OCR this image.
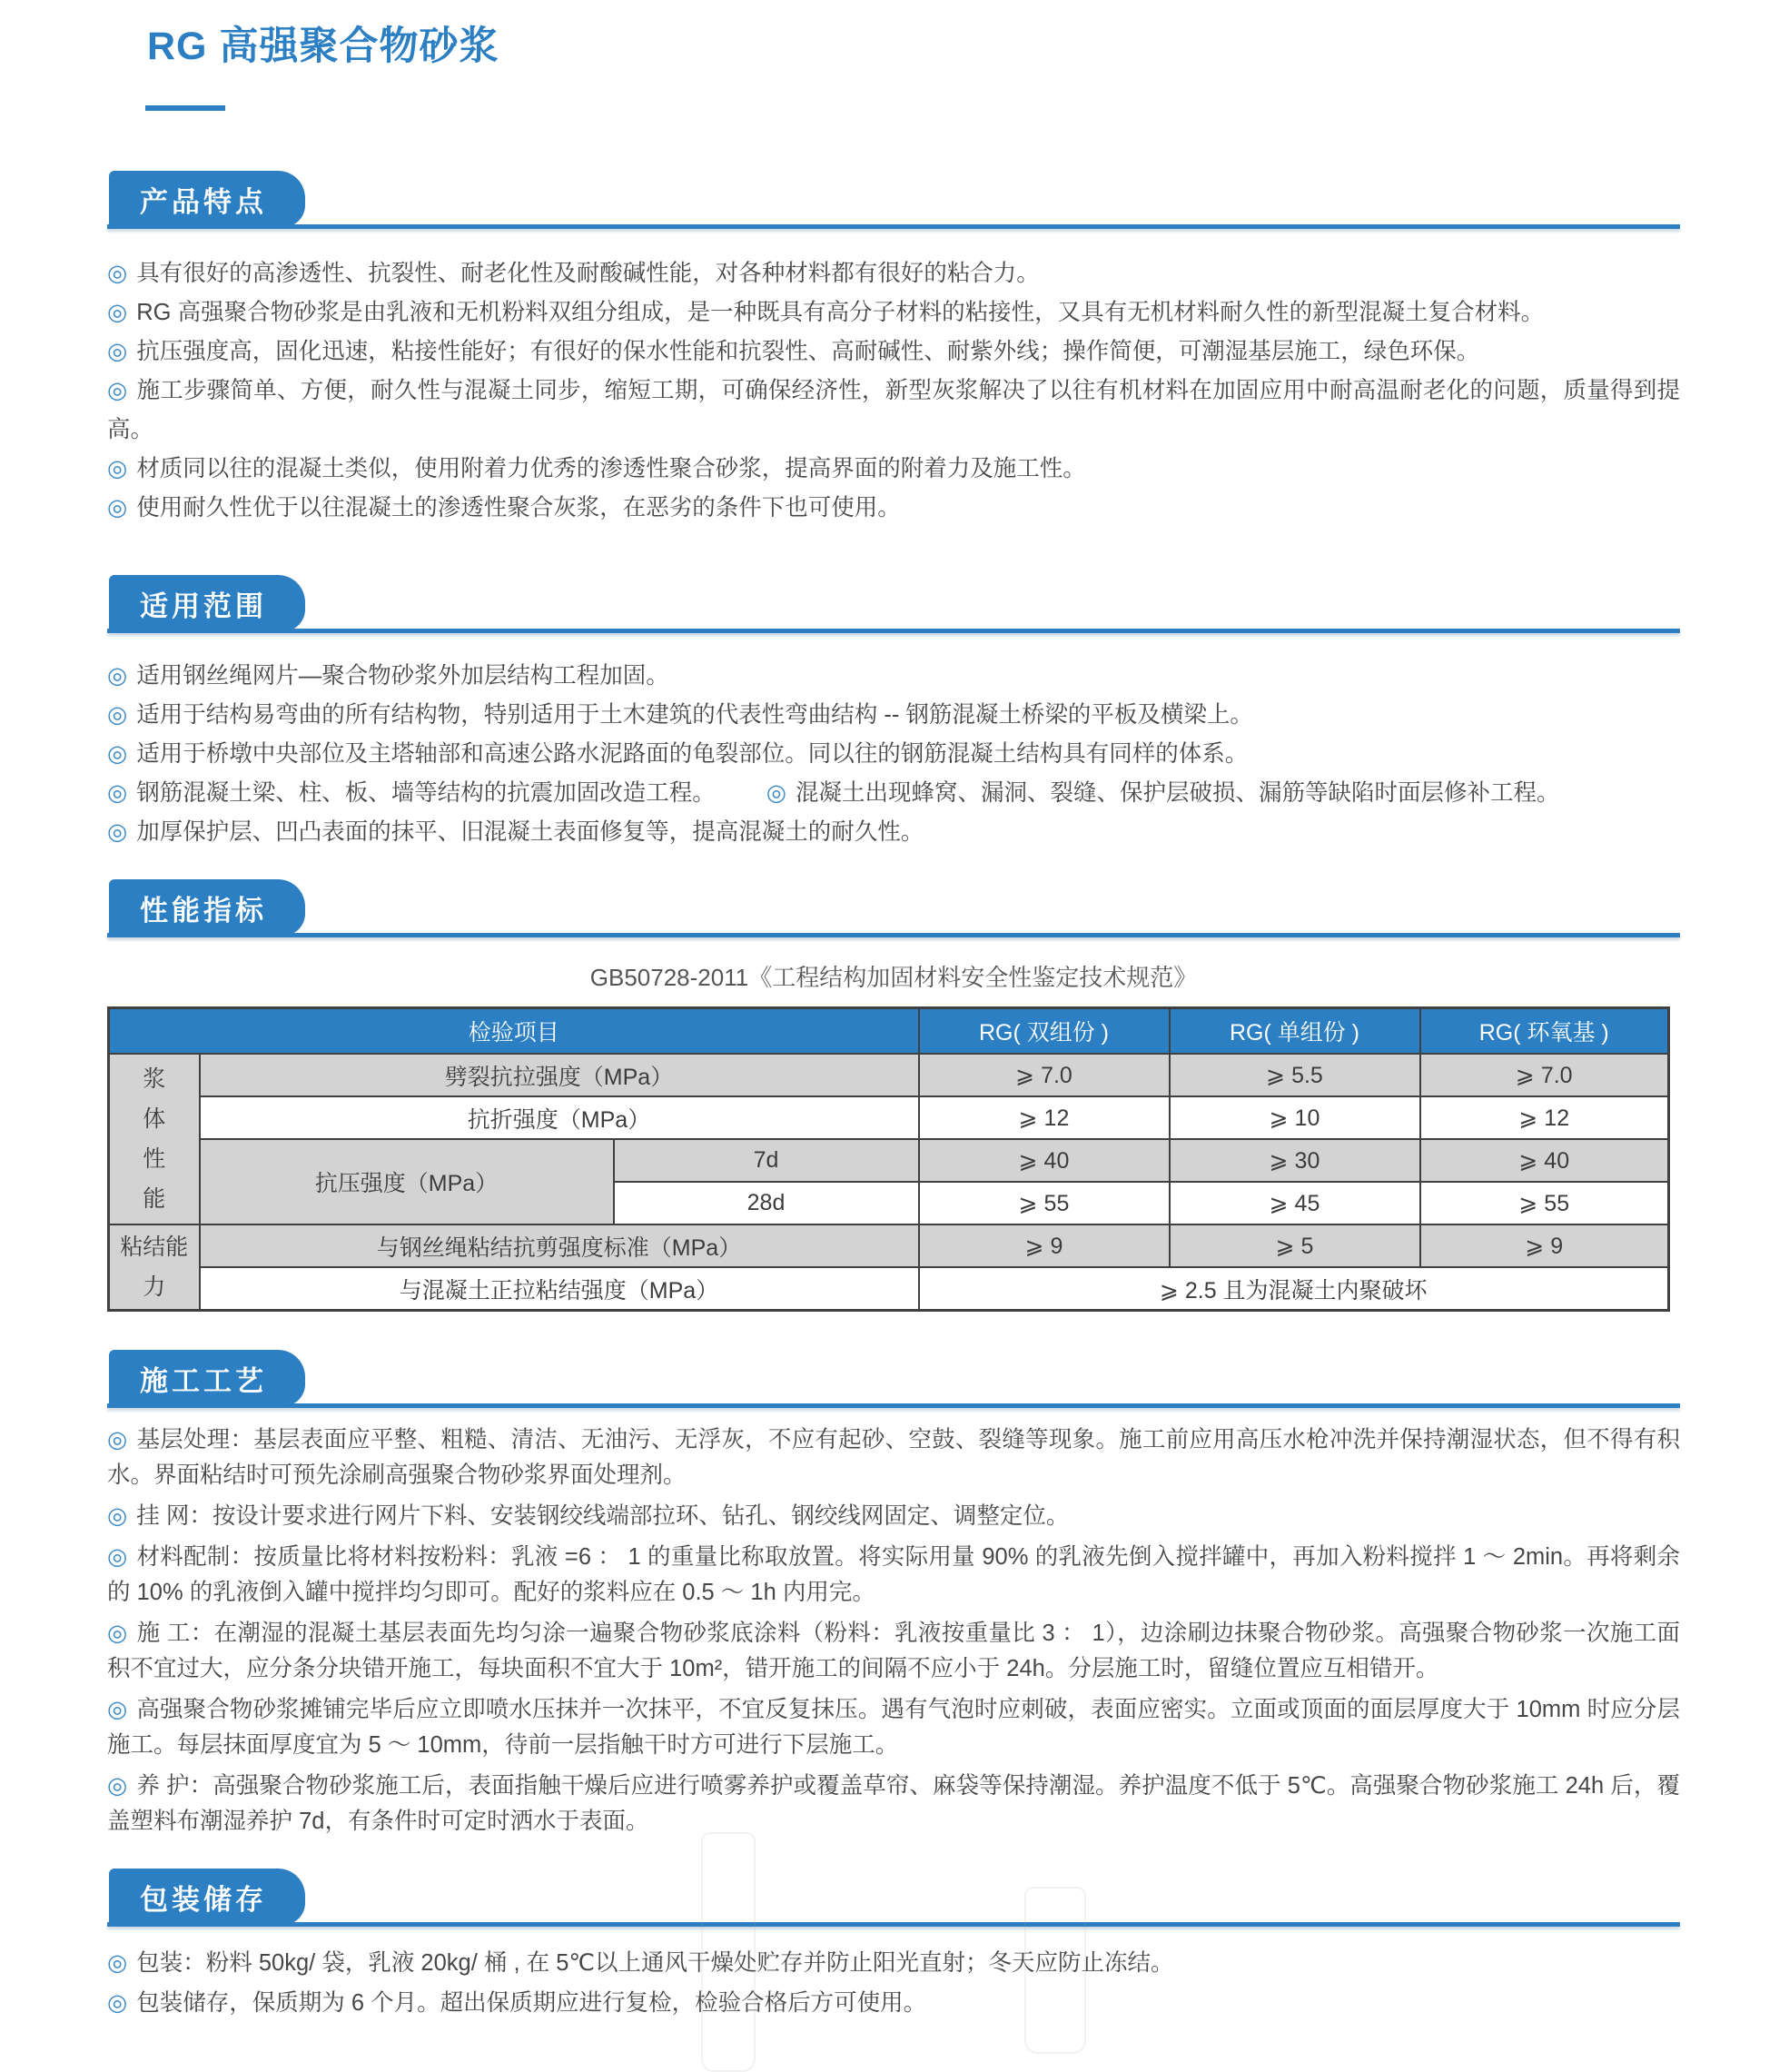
RG 高强聚合物砂浆
产品特点

◎ 具有很好的高渗透性、抗裂性、耐老化性及耐酸碱性能，对各种材料都有很好的粘合力。

◎ RG 高强聚合物砂浆是由乳液和无机粉料双组分组成，是一种既具有高分子材料的粘接性，又具有无机材料耐久性的新型混凝土复合材料。

◎ 抗压强度高，固化迅速，粘接性能好；有很好的保水性能和抗裂性、高耐碱性、耐紫外线；操作简便，可潮湿基层施工，绿色环保。

◎ 施工步骤简单、方便，耐久性与混凝土同步，缩短工期，可确保经济性，新型灰浆解决了以往有机材料在加固应用中耐高温耐老化的问题，质量得到提高。

◎ 材质同以往的混凝土类似，使用附着力优秀的渗透性聚合砂浆，提高界面的附着力及施工性。

◎ 使用耐久性优于以往混凝土的渗透性聚合灰浆，在恶劣的条件下也可使用。

适用范围

◎ 适用钢丝绳网片—聚合物砂浆外加层结构工程加固。

◎ 适用于结构易弯曲的所有结构物，特别适用于土木建筑的代表性弯曲结构 -- 钢筋混凝土桥梁的平板及横梁上。

◎ 适用于桥墩中央部位及主塔轴部和高速公路水泥路面的龟裂部位。同以往的钢筋混凝土结构具有同样的体系。

◎ 钢筋混凝土梁、柱、板、墙等结构的抗震加固改造工程。 ◎ 混凝土出现蜂窝、漏洞、裂缝、保护层破损、漏筋等缺陷时面层修补工程。

◎ 加厚保护层、凹凸表面的抹平、旧混凝土表面修复等，提高混凝土的耐久性。

性能指标
GB50728-2011《工程结构加固材料安全性鉴定技术规范》
检验项目			RG( 双组份 )	RG( 单组份 )	RG( 环氧基 )
浆体性能	劈裂抗拉强度（MPa）		⩾ 7.0	⩾ 5.5	⩾ 7.0
	抗折强度（MPa）		⩾ 12	⩾ 10	⩾ 12
	抗压强度（MPa）	7d	⩾ 40	⩾ 30	⩾ 40
		28d	⩾ 55	⩾ 45	⩾ 55
粘结能力	与钢丝绳粘结抗剪强度标准（MPa）		⩾ 9	⩾ 5	⩾ 9
	与混凝土正拉粘结强度（MPa）		⩾ 2.5 且为混凝土内聚破坏		
施工工艺

◎ 基层处理：基层表面应平整、粗糙、清洁、无油污、无浮灰，不应有起砂、空鼓、裂缝等现象。施工前应用高压水枪冲洗并保持潮湿状态，但不得有积水。界面粘结时可预先涂刷高强聚合物砂浆界面处理剂。

◎ 挂 网：按设计要求进行网片下料、安装钢绞线端部拉环、钻孔、钢绞线网固定、调整定位。

◎ 材料配制：按质量比将材料按粉料：乳液 =6 ： 1 的重量比称取放置。将实际用量 90% 的乳液先倒入搅拌罐中，再加入粉料搅拌 1 ～ 2min。再将剩余的 10% 的乳液倒入罐中搅拌均匀即可。配好的浆料应在 0.5 ～ 1h 内用完。

◎ 施 工：在潮湿的混凝土基层表面先均匀涂一遍聚合物砂浆底涂料（粉料：乳液按重量比 3 ： 1），边涂刷边抹聚合物砂浆。高强聚合物砂浆一次施工面积不宜过大，应分条分块错开施工，每块面积不宜大于 10m²，错开施工的间隔不应小于 24h。分层施工时，留缝位置应互相错开。

◎ 高强聚合物砂浆摊铺完毕后应立即喷水压抹并一次抹平，不宜反复抹压。遇有气泡时应刺破，表面应密实。立面或顶面的面层厚度大于 10mm 时应分层施工。每层抹面厚度宜为 5 ～ 10mm，待前一层指触干时方可进行下层施工。

◎ 养 护：高强聚合物砂浆施工后，表面指触干燥后应进行喷雾养护或覆盖草帘、麻袋等保持潮湿。养护温度不低于 5℃。高强聚合物砂浆施工 24h 后，覆盖塑料布潮湿养护 7d，有条件时可定时洒水于表面。

包装储存

◎ 包装：粉料 50kg/ 袋，乳液 20kg/ 桶 , 在 5℃以上通风干燥处贮存并防止阳光直射；冬天应防止冻结。

◎ 包装储存，保质期为 6 个月。超出保质期应进行复检，检验合格后方可使用。
